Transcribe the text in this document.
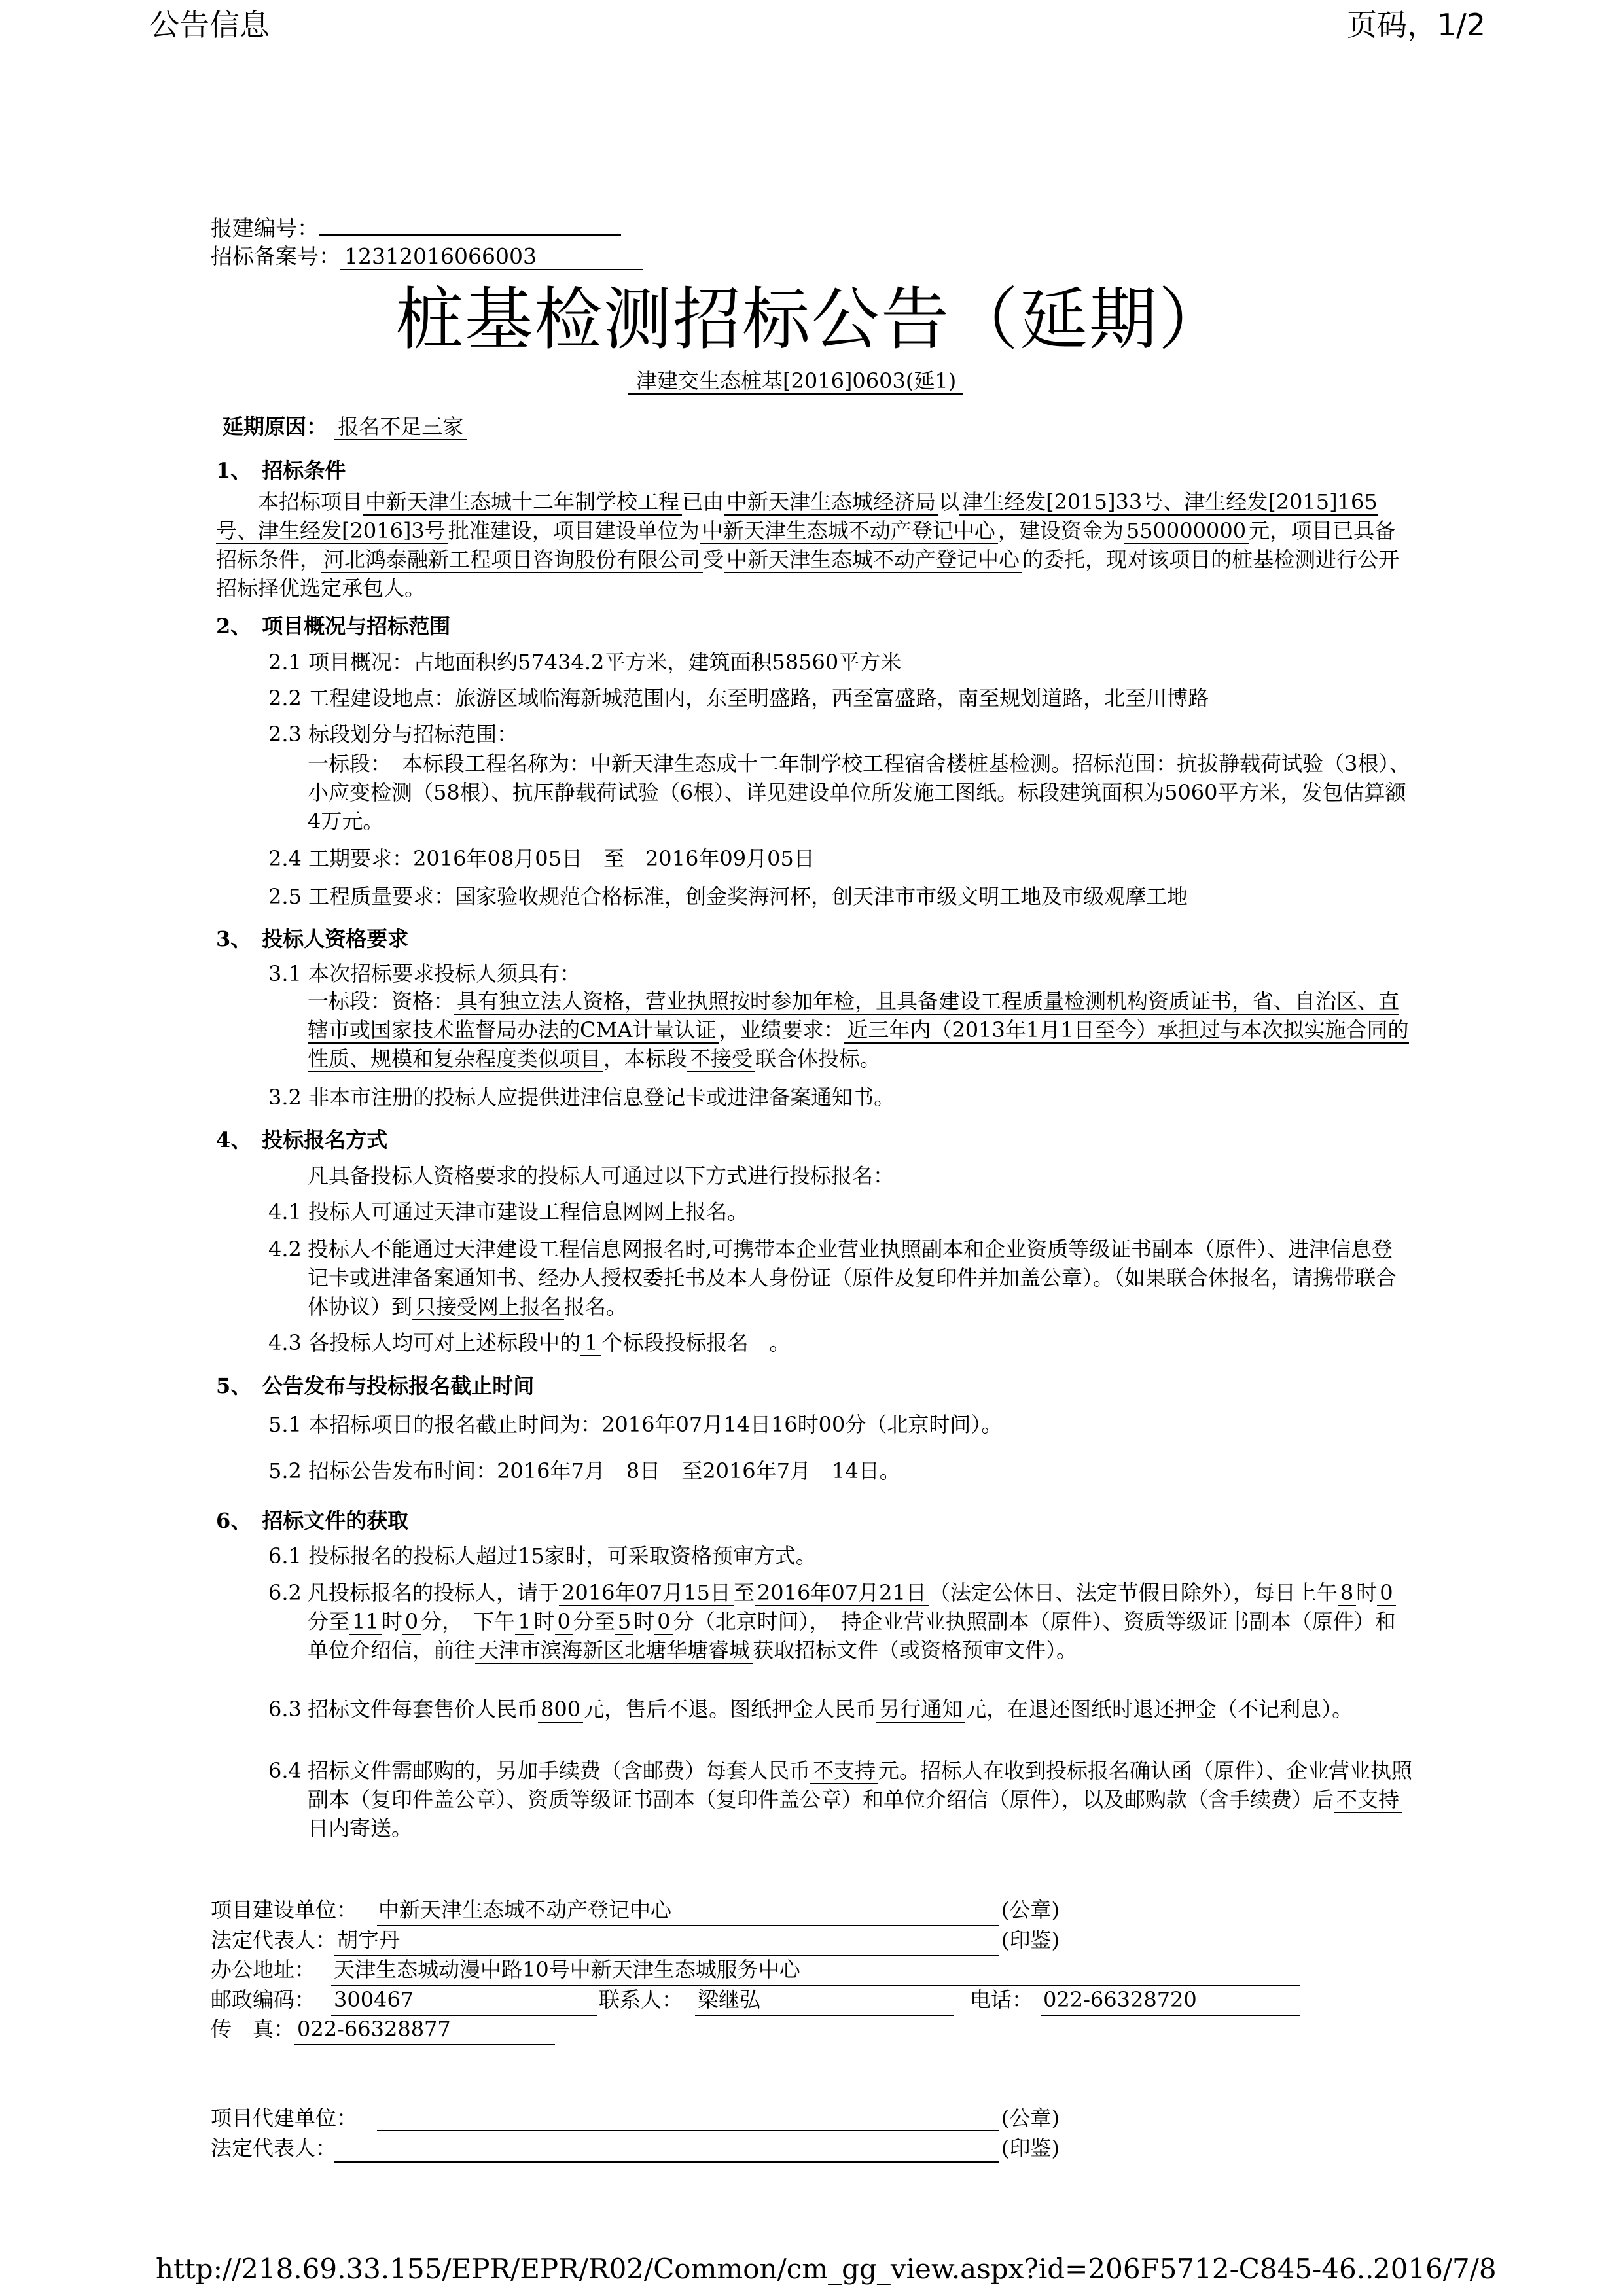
公告信息	页码，1/2
报建编号：
招标备案号： 12312016066003
桩基检测招标公告（延期）
津建交生态桩基[2016]0603(延1)
延期原因： 报名不足三家
1、　招标条件
本招标项目 中新天津生态城十二年制学校工程 已由 中新天津生态城经济局 以 津生经发[2015]33号、津生经发[2015]165号、津生经发[2016]3号 批准建设，项目建设单位为 中新天津生态城不动产登记中心 ，建设资金为 550000000 元，项目已具备招标条件， 河北鸿泰融新工程项目咨询股份有限公司 受 中新天津生态城不动产登记中心 的委托，现对该项目的桩基检测进行公开招标择优选定承包人。
2、　项目概况与招标范围
2.1 项目概况：占地面积约57434.2平方米，建筑面积58560平方米
2.2 工程建设地点：旅游区域临海新城范围内，东至明盛路，西至富盛路，南至规划道路，北至川博路
2.3 标段划分与招标范围：
一标段：　本标段工程名称为：中新天津生态成十二年制学校工程宿舍楼桩基检测。招标范围：抗拔静载荷试验（3根）、小应变检测（58根）、抗压静载荷试验（6根）、详见建设单位所发施工图纸。标段建筑面积为5060平方米，发包估算额4万元。
2.4 工期要求：2016年08月05日　至　2016年09月05日
2.5 工程质量要求：国家验收规范合格标准，创金奖海河杯，创天津市市级文明工地及市级观摩工地
3、　投标人资格要求
3.1 本次招标要求投标人须具有：
一标段：资格： 具有独立法人资格，营业执照按时参加年检，且具备建设工程质量检测机构资质证书，省、自治区、直辖市或国家技术监督局办法的CMA计量认证 ，业绩要求： 近三年内（2013年1月1日至今）承担过与本次拟实施合同的性质、规模和复杂程度类似项目 ，本标段 不接受 联合体投标。
3.2 非本市注册的投标人应提供进津信息登记卡或进津备案通知书。
4、　投标报名方式
凡具备投标人资格要求的投标人可通过以下方式进行投标报名：
4.1 投标人可通过天津市建设工程信息网网上报名。
4.2 投标人不能通过天津建设工程信息网报名时,可携带本企业营业执照副本和企业资质等级证书副本（原件）、进津信息登记卡或进津备案通知书、经办人授权委托书及本人身份证（原件及复印件并加盖公章）。（如果联合体报名，请携带联合体协议）到 只接受网上报名 报名。
4.3 各投标人均可对上述标段中的 1 个标段投标报名　。
5、　公告发布与投标报名截止时间
5.1 本招标项目的报名截止时间为：2016年07月14日16时00分（北京时间）。
5.2 招标公告发布时间：2016年7月　8日　至2016年7月　14日。
6、　招标文件的获取
6.1 投标报名的投标人超过15家时，可采取资格预审方式。
6.2 凡投标报名的投标人，请于 2016年07月15日 至 2016年07月21日 （法定公休日、法定节假日除外），每日上午 8 时 0分至 11 时 0 分，　下午 1 时 0 分至 5 时 0 分（北京时间），　持企业营业执照副本（原件）、资质等级证书副本（原件）和单位介绍信，前往 天津市滨海新区北塘华塘睿城 获取招标文件（或资格预审文件）。
6.3 招标文件每套售价人民币 800 元，售后不退。图纸押金人民币 另行通知 元，在退还图纸时退还押金（不记利息）。
6.4 招标文件需邮购的，另加手续费（含邮费）每套人民币 不支持 元。招标人在收到投标报名确认函（原件）、企业营业执照副本（复印件盖公章）、资质等级证书副本（复印件盖公章）和单位介绍信（原件），以及邮购款（含手续费）后 不支持日内寄送。
项目建设单位： 中新天津生态城不动产登记中心	(公章)
法定代表人： 胡宇丹	(印鉴)
办公地址： 天津生态城动漫中路10号中新天津生态城服务中心
邮政编码： 300467	联系人： 梁继弘	电话： 022-66328720
传　真： 022-66328877
项目代建单位：	(公章)
法定代表人：	(印鉴)
http://218.69.33.155/EPR/EPR/R02/Common/cm_gg_view.aspx?id=206F5712-C845-46...
2016/7/8
